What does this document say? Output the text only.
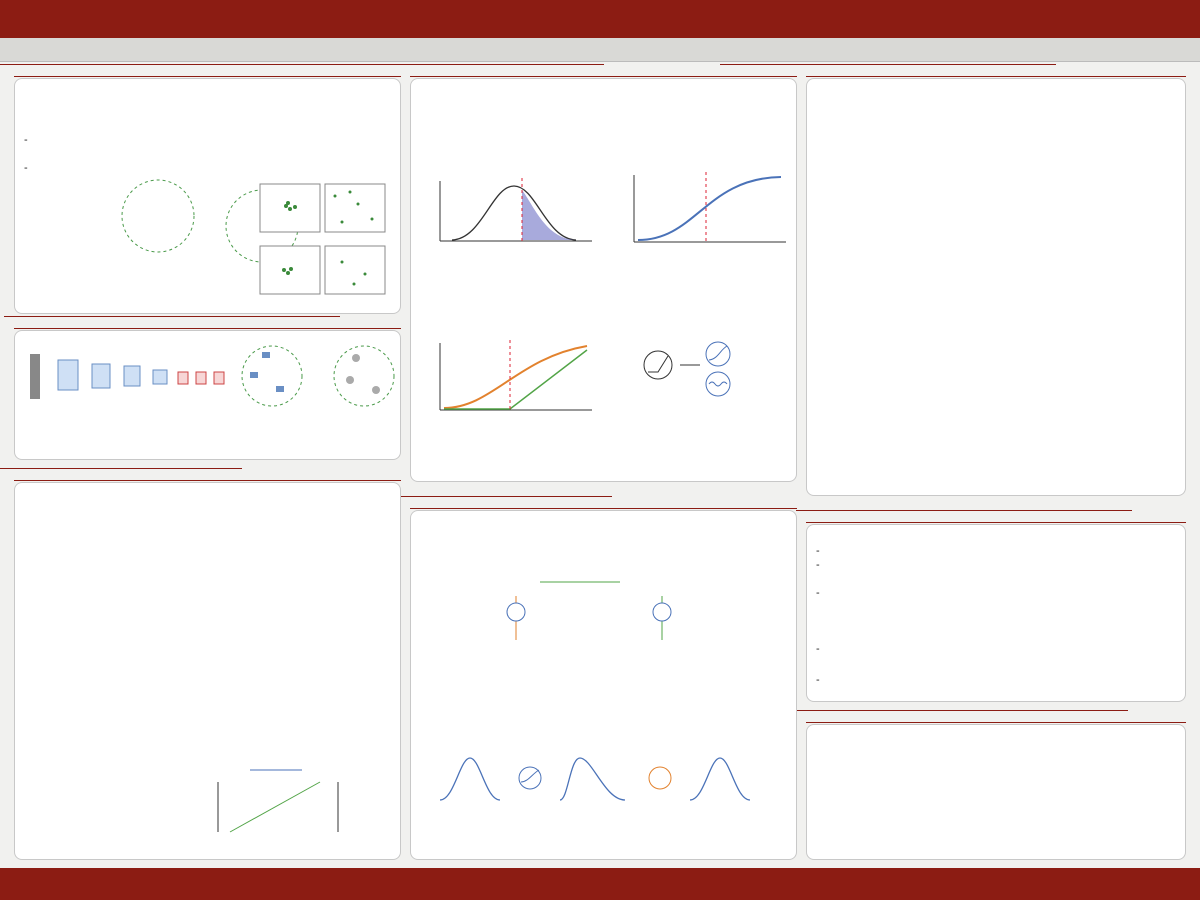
-
-
-
-
-
-
-
